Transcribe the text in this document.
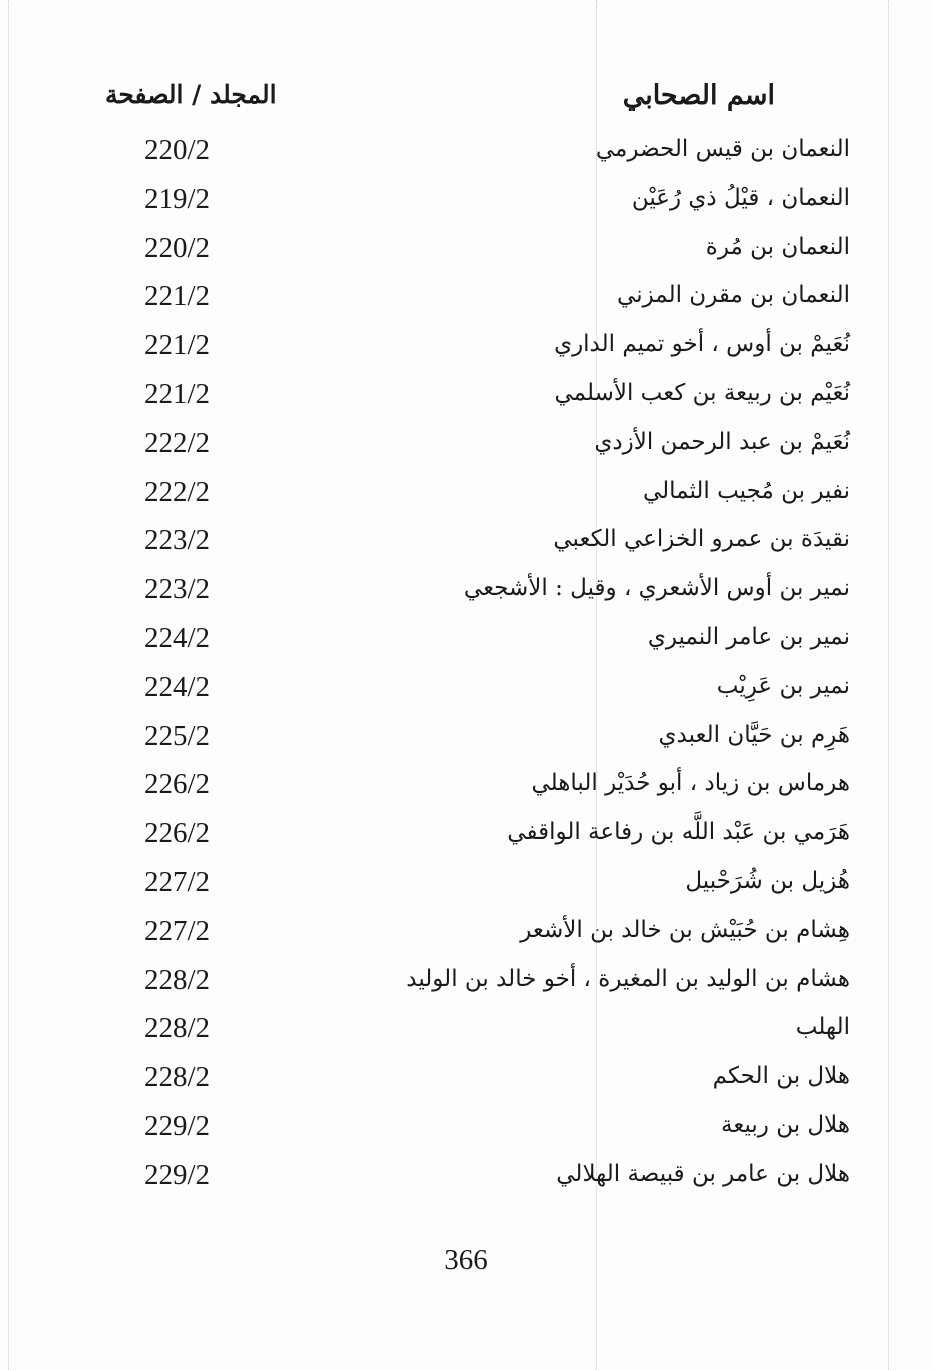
اسم الصحابي
المجلد / الصفحة
النعمان بن قيس الحضرمي
220/2
النعمان ، قيْلُ ذي رُعَيْن
219/2
النعمان بن مُرة
220/2
النعمان بن مقرن المزني
221/2
نُعَيمْ بن أوس ، أخو تميم الداري
221/2
نُعَيْم بن ربيعة بن كعب الأسلمي
221/2
نُعَيمْ بن عبد الرحمن الأزدي
222/2
نفير بن مُجيب الثمالي
222/2
نقيدَة بن عمرو الخزاعي الكعبي
223/2
نمير بن أوس الأشعري ، وقيل : الأشجعي
223/2
نمير بن عامر النميري
224/2
نمير بن عَرِيْب
224/2
هَرِم بن حَيَّان العبدي
225/2
هرماس بن زياد ، أبو حُدَيْر الباهلي
226/2
هَرَمي بن عَبْد اللَّه بن رفاعة الواقفي
226/2
هُزيل بن شُرَحْبيل
227/2
هِشام بن حُبَيْش بن خالد بن الأشعر
227/2
هشام بن الوليد بن المغيرة ، أخو خالد بن الوليد
228/2
الهلب
228/2
هلال بن الحكم
228/2
هلال بن ربيعة
229/2
هلال بن عامر بن قبيصة الهلالي
229/2
366
